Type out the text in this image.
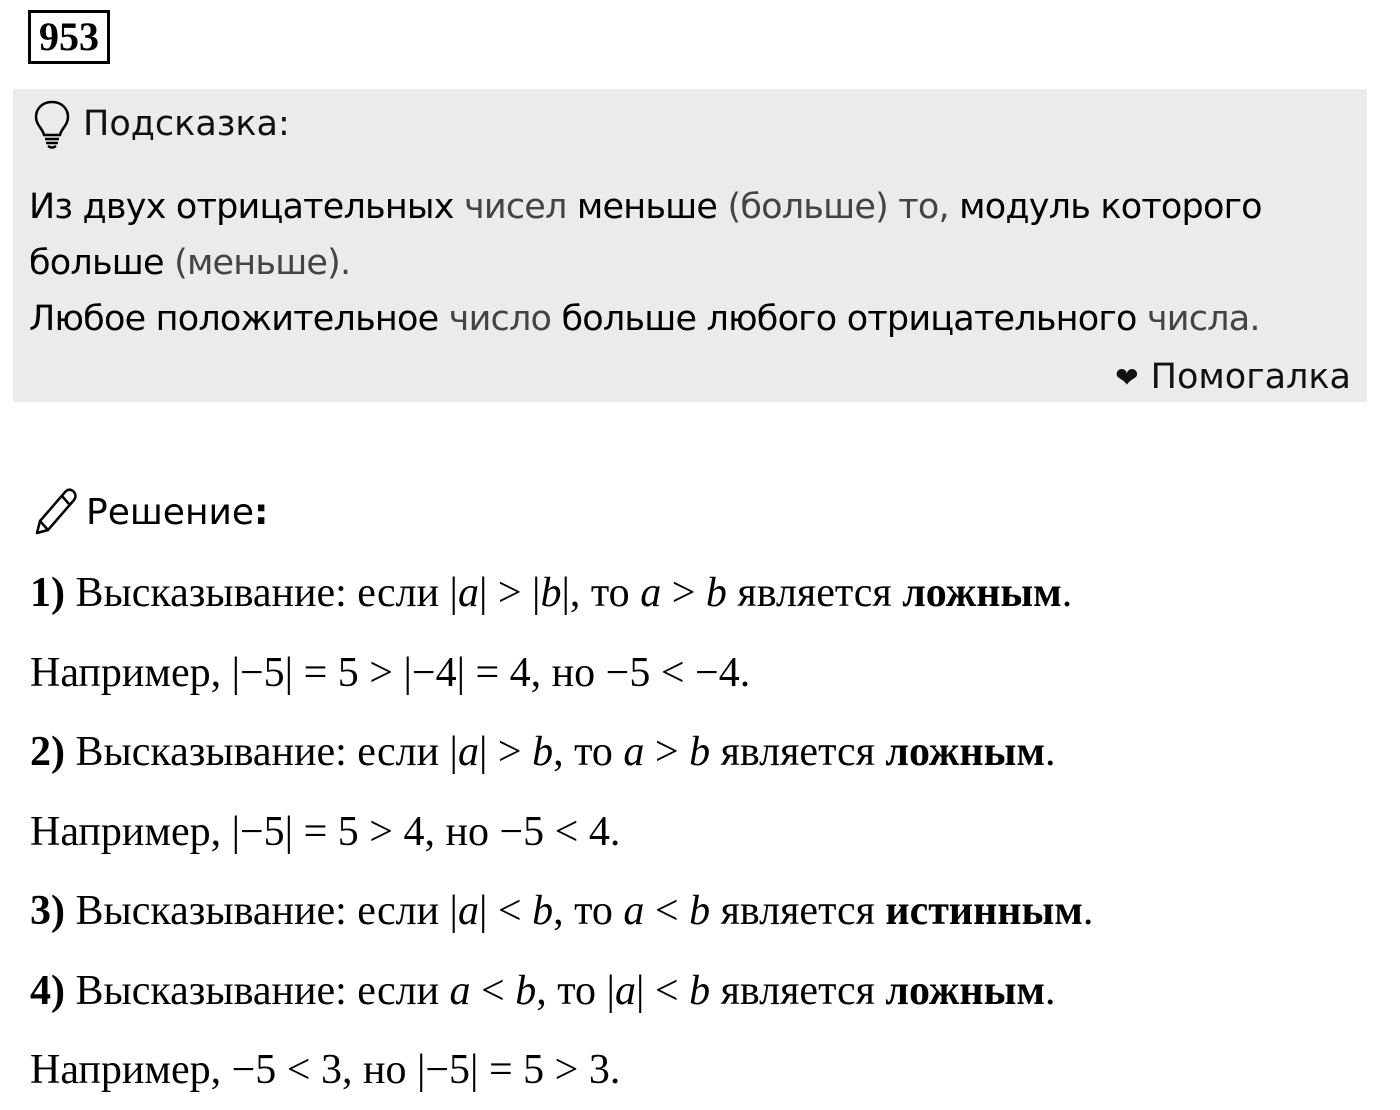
953
Подсказка:
Из двух отрицательных чисел меньше (больше) то, модуль которого
больше (меньше).
Любое положительное число больше любого отрицательного числа.
❤ Помогалка
Решение:
1) Высказывание: если |a| > |b|, то a > b является ложным.
Например, |−5| = 5 > |−4| = 4, но −5 < −4.
2) Высказывание: если |a| > b, то a > b является ложным.
Например, |−5| = 5 > 4, но −5 < 4.
3) Высказывание: если |a| < b, то a < b является истинным.
4) Высказывание: если a < b, то |a| < b является ложным.
Например, −5 < 3, но |−5| = 5 > 3.
